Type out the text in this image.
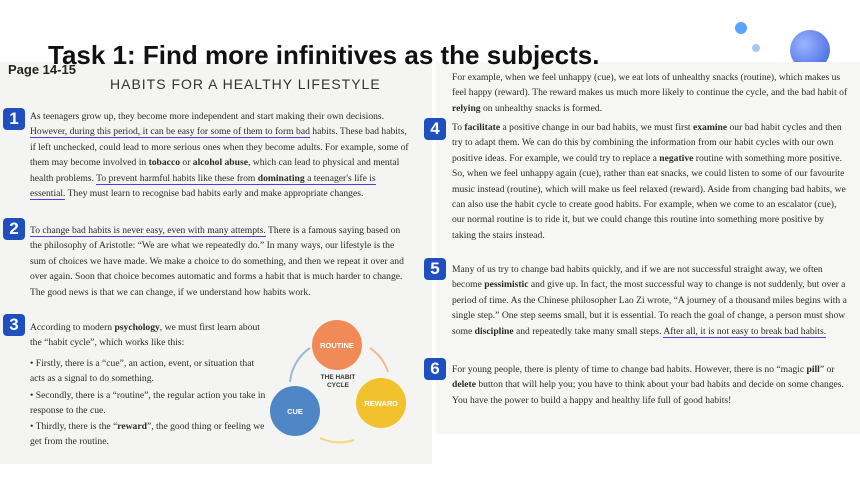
Task 1: Find more infinitives as the subjects.
Page 14-15
HABITS FOR A HEALTHY LIFESTYLE
1
2
3
4
5
6
As teenagers grow up, they become more independent and start making their own decisions. However, during this period, it can be easy for some of them to form bad habits. These bad habits, if left unchecked, could lead to more serious ones when they become adults. For example, some of them may become involved in tobacco or alcohol abuse, which can lead to physical and mental health problems. To prevent harmful habits like these from dominating a teenager's life is essential. They must learn to recognise bad habits early and make appropriate changes.
To change bad habits is never easy, even with many attempts. There is a famous saying based on the philosophy of Aristotle: “We are what we repeatedly do.” In many ways, our lifestyle is the sum of choices we have made. We make a choice to do something, and then we repeat it over and over again. Soon that choice becomes automatic and forms a habit that is much harder to change. The good news is that we can change, if we understand how habits work.
According to modern psychology, we must first learn about the “habit cycle”, which works like this:
• Firstly, there is a “cue”, an action, event, or situation that acts as a signal to do something.
• Secondly, there is a “routine”, the regular action you take in response to the cue.
• Thirdly, there is the “reward”, the good thing or feeling we get from the routine.
ROUTINE
CUE
REWARD
THE HABIT CYCLE
For example, when we feel unhappy (cue), we eat lots of unhealthy snacks (routine), which makes us feel happy (reward). The reward makes us much more likely to continue the cycle, and the bad habit of relying on unhealthy snacks is formed.
To facilitate a positive change in our bad habits, we must first examine our bad habit cycles and then try to adapt them. We can do this by combining the information from our habit cycles with our own positive ideas. For example, we could try to replace a negative routine with something more positive. So, when we feel unhappy again (cue), rather than eat snacks, we could listen to some of our favourite music instead (routine), which will make us feel relaxed (reward). Aside from changing bad habits, we can also use the habit cycle to create good habits. For example, when we come to an escalator (cue), our normal routine is to ride it, but we could change this routine into something more positive by taking the stairs instead.
Many of us try to change bad habits quickly, and if we are not successful straight away, we often become pessimistic and give up. In fact, the most successful way to change is not suddenly, but over a period of time. As the Chinese philosopher Lao Zi wrote, “A journey of a thousand miles begins with a single step.” One step seems small, but it is essential. To reach the goal of change, a person must show some discipline and repeatedly take many small steps. After all, it is not easy to break bad habits.
For young people, there is plenty of time to change bad habits. However, there is no “magic pill” or delete button that will help you; you have to think about your bad habits and decide on some changes. You have the power to build a happy and healthy life full of good habits!
